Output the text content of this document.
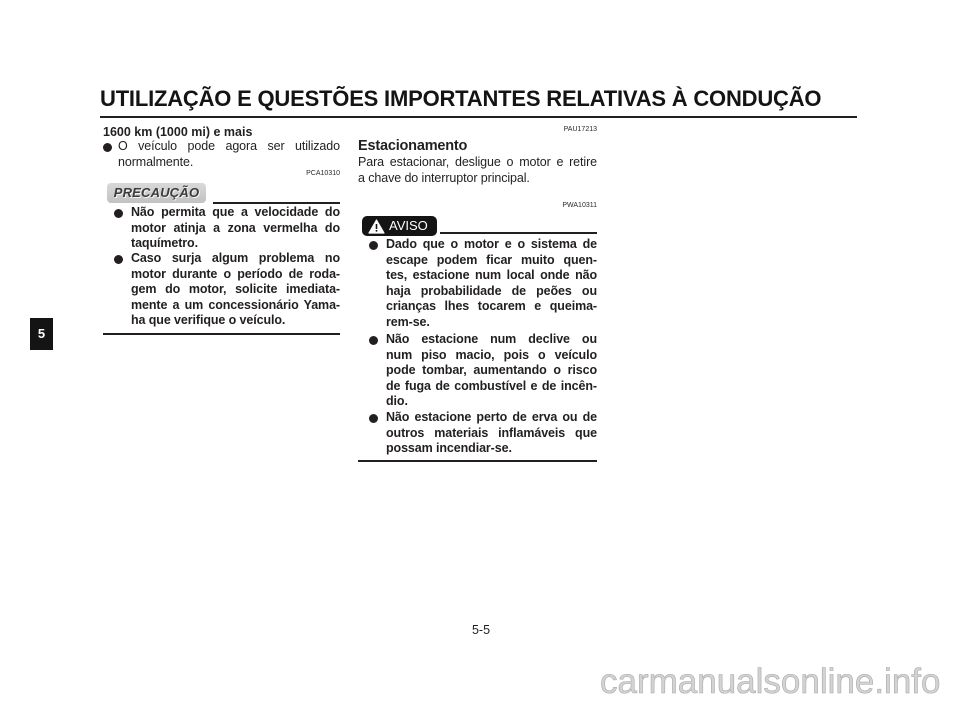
UTILIZAÇÃO E QUESTÕES IMPORTANTES RELATIVAS À CONDUÇÃO
5
1600 km (1000 mi) e mais
O veículo pode agora ser utilizado
normalmente.
PCA10310
PRECAUÇÃO
Não permita que a velocidade do
motor atinja a zona vermelha do
taquímetro.
Caso surja algum problema no
motor durante o período de roda-
gem do motor, solicite imediata-
mente a um concessionário Yama-
ha que verifique o veículo.
PAU17213
Estacionamento
Para estacionar, desligue o motor e retire
a chave do interruptor principal.
PWA10311
AVISO
Dado que o motor e o sistema de
escape podem ficar muito quen-
tes, estacione num local onde não
haja probabilidade de peões ou
crianças lhes tocarem e queima-
rem-se.
Não estacione num declive ou
num piso macio, pois o veículo
pode tombar, aumentando o risco
de fuga de combustível e de incên-
dio.
Não estacione perto de erva ou de
outros materiais inflamáveis que
possam incendiar-se.
5-5
carmanualsonline.info
